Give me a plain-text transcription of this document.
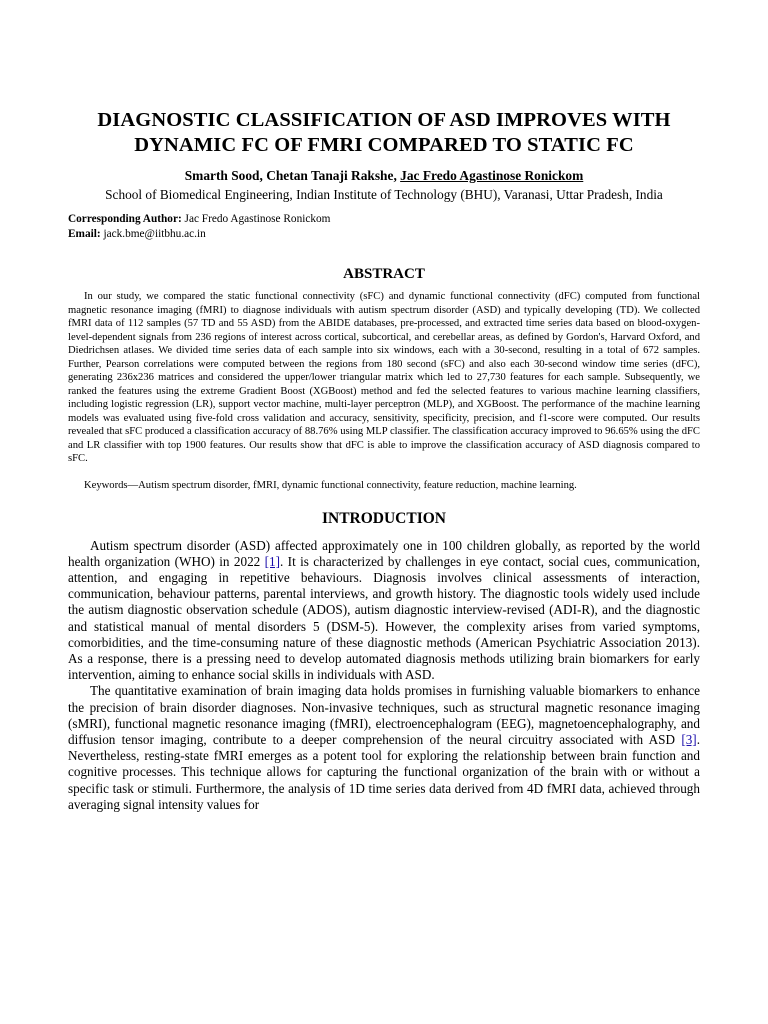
DIAGNOSTIC CLASSIFICATION OF ASD IMPROVES WITH
DYNAMIC FC OF FMRI COMPARED TO STATIC FC
Smarth Sood, Chetan Tanaji Rakshe, Jac Fredo Agastinose Ronickom
School of Biomedical Engineering, Indian Institute of Technology (BHU), Varanasi, Uttar Pradesh, India
Corresponding Author: Jac Fredo Agastinose Ronickom
Email: jack.bme@iitbhu.ac.in
ABSTRACT
In our study, we compared the static functional connectivity (sFC) and dynamic functional connectivity (dFC) computed from functional magnetic resonance imaging (fMRI) to diagnose individuals with autism spectrum disorder (ASD) and typically developing (TD). We collected fMRI data of 112 samples (57 TD and 55 ASD) from the ABIDE databases, pre-processed, and extracted time series data based on blood-oxygen-level-dependent signals from 236 regions of interest across cortical, subcortical, and cerebellar areas, as defined by Gordon's, Harvard Oxford, and Diedrichsen atlases. We divided time series data of each sample into six windows, each with a 30-second, resulting in a total of 672 samples. Further, Pearson correlations were computed between the regions from 180 second (sFC) and also each 30-second window time series (dFC), generating 236x236 matrices and considered the upper/lower triangular matrix which led to 27,730 features for each sample. Subsequently, we ranked the features using the extreme Gradient Boost (XGBoost) method and fed the selected features to various machine learning classifiers, including logistic regression (LR), support vector machine, multi-layer perceptron (MLP), and XGBoost. The performance of the machine learning models was evaluated using five-fold cross validation and accuracy, sensitivity, specificity, precision, and f1-score were computed. Our results revealed that sFC produced a classification accuracy of 88.76% using MLP classifier. The classification accuracy improved to 96.65% using the dFC and LR classifier with top 1900 features. Our results show that dFC is able to improve the classification accuracy of ASD diagnosis compared to sFC.
Keywords—Autism spectrum disorder, fMRI, dynamic functional connectivity, feature reduction, machine learning.
INTRODUCTION

Autism spectrum disorder (ASD) affected approximately one in 100 children globally, as reported by the world health organization (WHO) in 2022 [1]. It is characterized by challenges in eye contact, social cues, communication, attention, and engaging in repetitive behaviours. Diagnosis involves clinical assessments of interaction, communication, behaviour patterns, parental interviews, and growth history. The diagnostic tools widely used include the autism diagnostic observation schedule (ADOS), autism diagnostic interview-revised (ADI-R), and the diagnostic and statistical manual of mental disorders 5 (DSM-5). However, the complexity arises from varied symptoms, comorbidities, and the time-consuming nature of these diagnostic methods (American Psychiatric Association 2013). As a response, there is a pressing need to develop automated diagnosis methods utilizing brain biomarkers for early intervention, aiming to enhance social skills in individuals with ASD.

The quantitative examination of brain imaging data holds promises in furnishing valuable biomarkers to enhance the precision of brain disorder diagnoses. Non-invasive techniques, such as structural magnetic resonance imaging (sMRI), functional magnetic resonance imaging (fMRI), electroencephalogram (EEG), magnetoencephalography, and diffusion tensor imaging, contribute to a deeper comprehension of the neural circuitry associated with ASD [3]. Nevertheless, resting-state fMRI emerges as a potent tool for exploring the relationship between brain function and cognitive processes. This technique allows for capturing the functional organization of the brain with or without a specific task or stimuli. Furthermore, the analysis of 1D time series data derived from 4D fMRI data, achieved through averaging signal intensity values for
